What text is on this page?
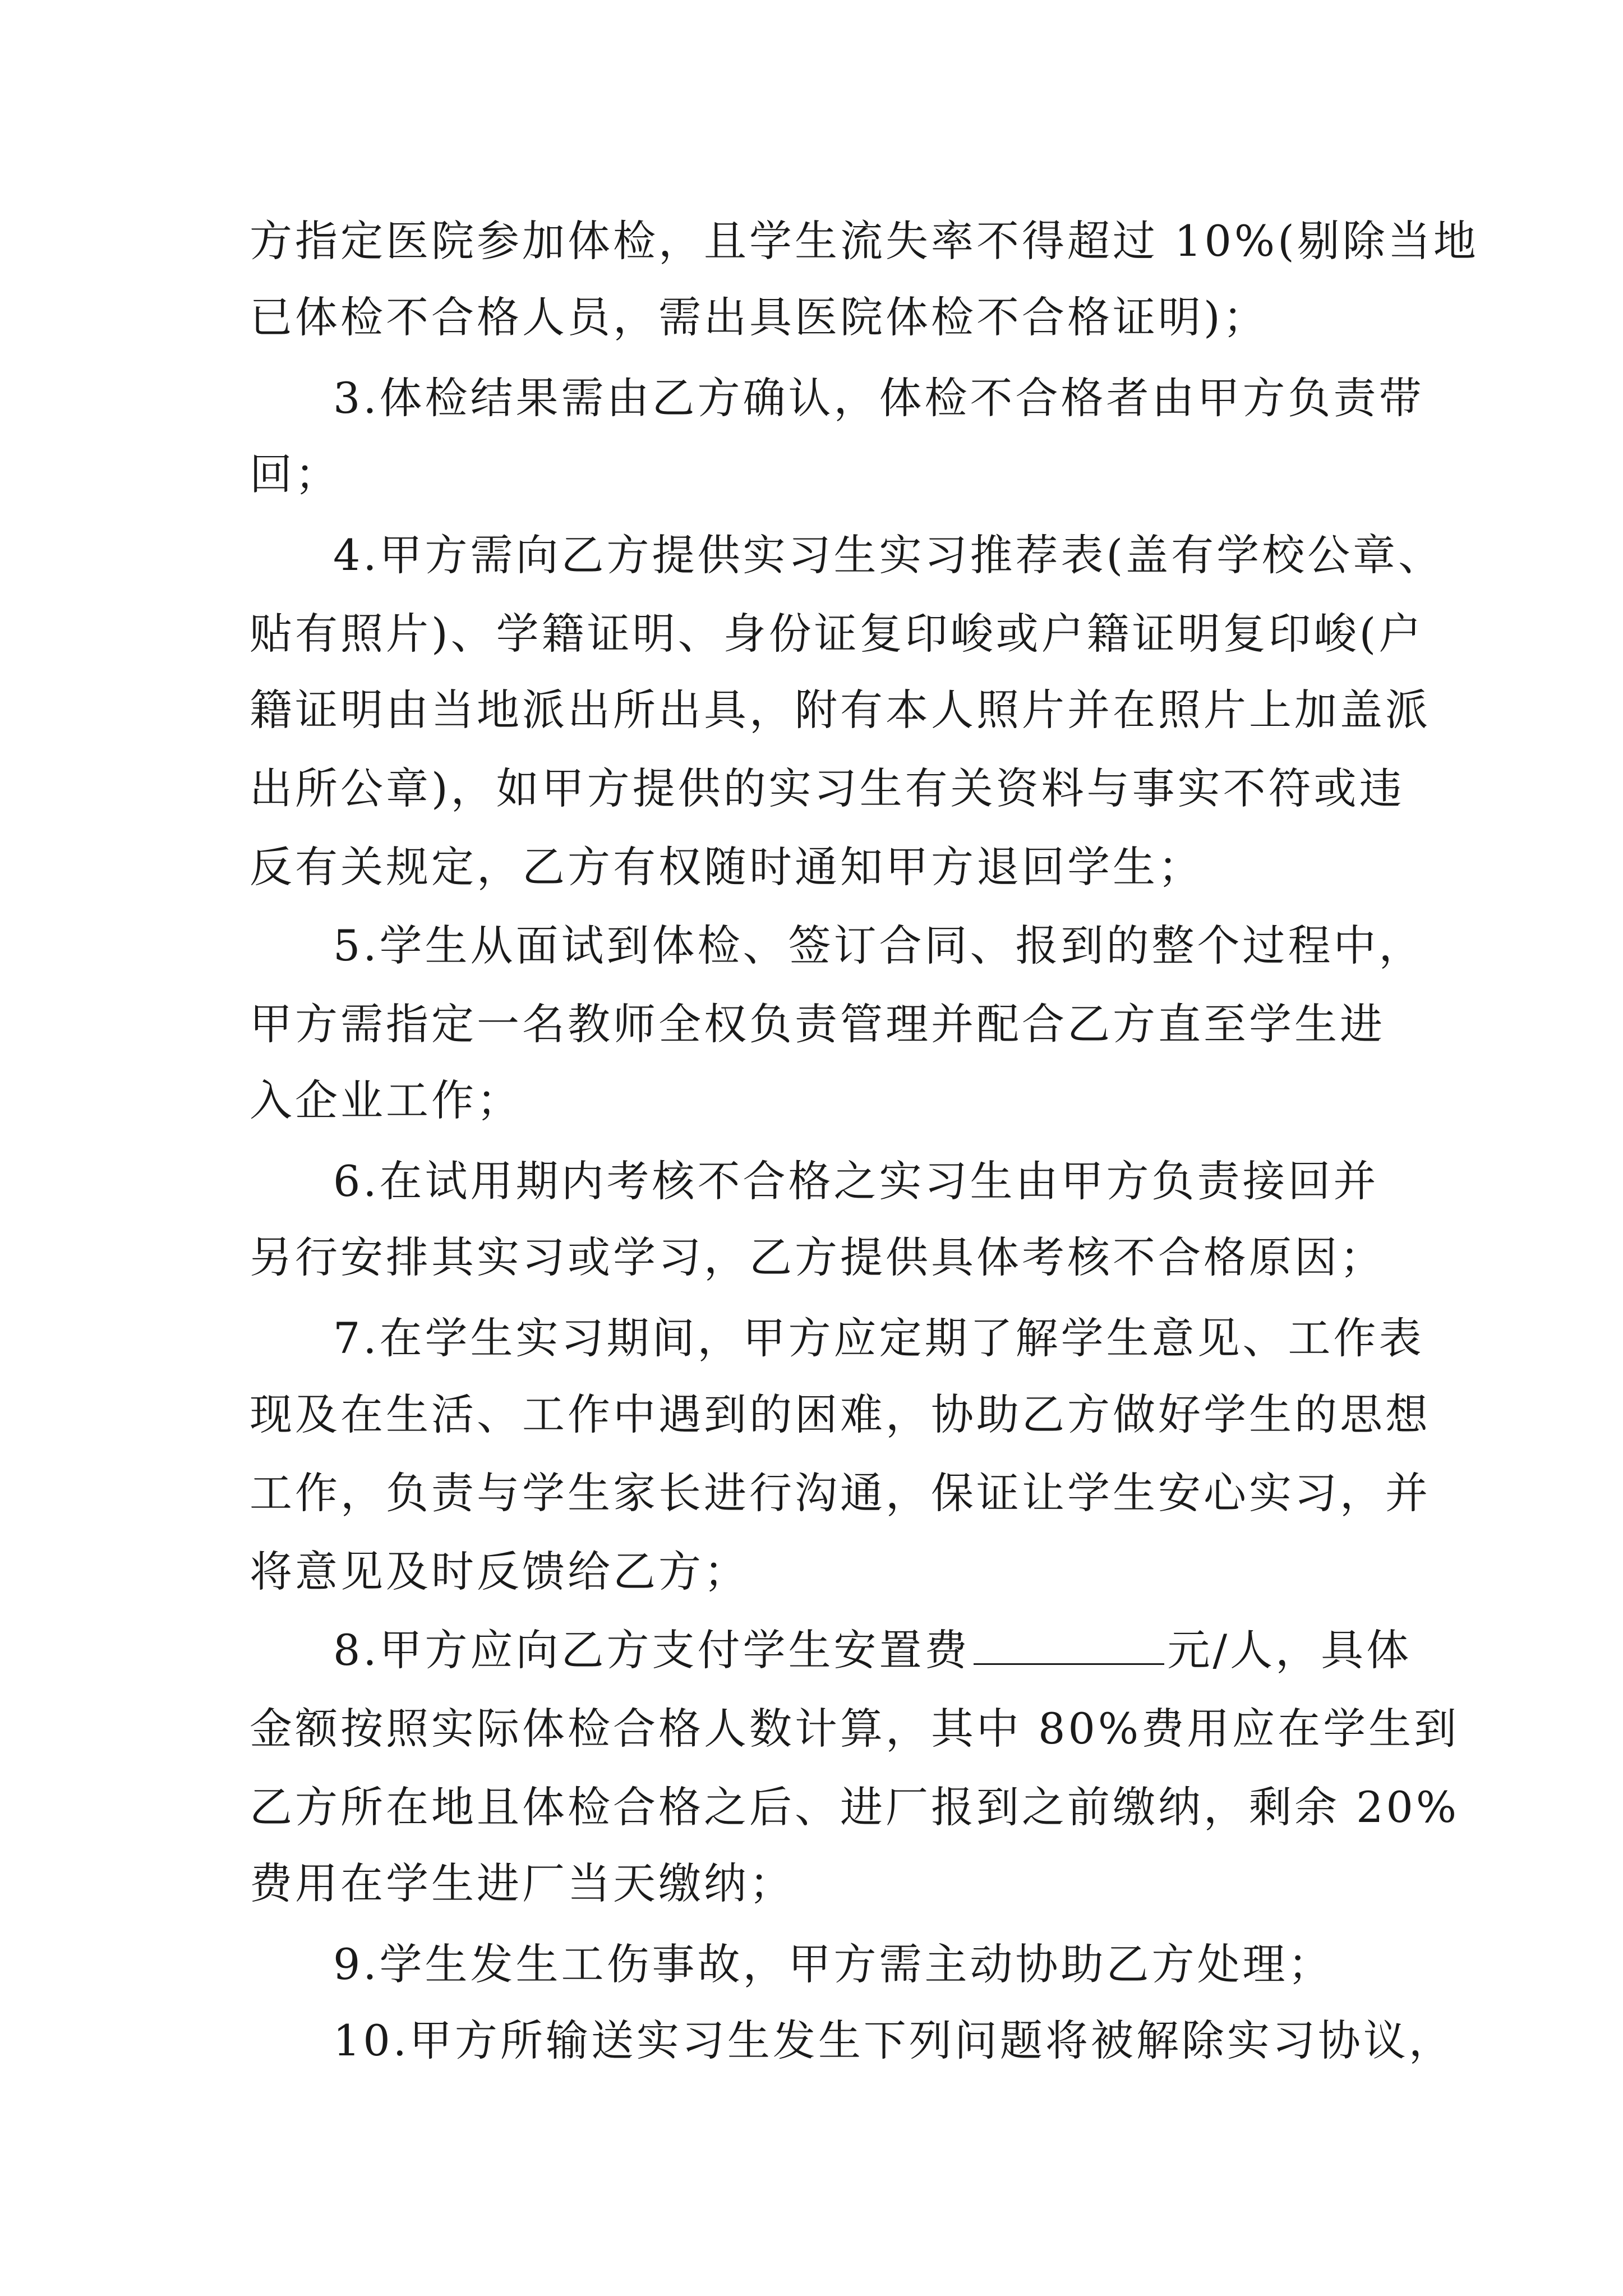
方指定医院参加体检，且学生流失率不得超过 10%(剔除当地
已体检不合格人员，需出具医院体检不合格证明)；
3.体检结果需由乙方确认，体检不合格者由甲方负责带
回；
4.甲方需向乙方提供实习生实习推荐表(盖有学校公章、
贴有照片)、学籍证明、身份证复印峻或户籍证明复印峻(户
籍证明由当地派出所出具，附有本人照片并在照片上加盖派
出所公章)，如甲方提供的实习生有关资料与事实不符或违
反有关规定，乙方有权随时通知甲方退回学生；
5.学生从面试到体检、签订合同、报到的整个过程中，
甲方需指定一名教师全权负责管理并配合乙方直至学生进
入企业工作；
6.在试用期内考核不合格之实习生由甲方负责接回并
另行安排其实习或学习，乙方提供具体考核不合格原因；
7.在学生实习期间，甲方应定期了解学生意见、工作表
现及在生活、工作中遇到的困难，协助乙方做好学生的思想
工作，负责与学生家长进行沟通，保证让学生安心实习，并
将意见及时反馈给乙方；
8.甲方应向乙方支付学生安置费	元/人，具体
金额按照实际体检合格人数计算，其中 80%费用应在学生到
乙方所在地且体检合格之后、进厂报到之前缴纳，剩余 20%
费用在学生进厂当天缴纳；
9.学生发生工伤事故，甲方需主动协助乙方处理；
10.甲方所输送实习生发生下列问题将被解除实习协议，
